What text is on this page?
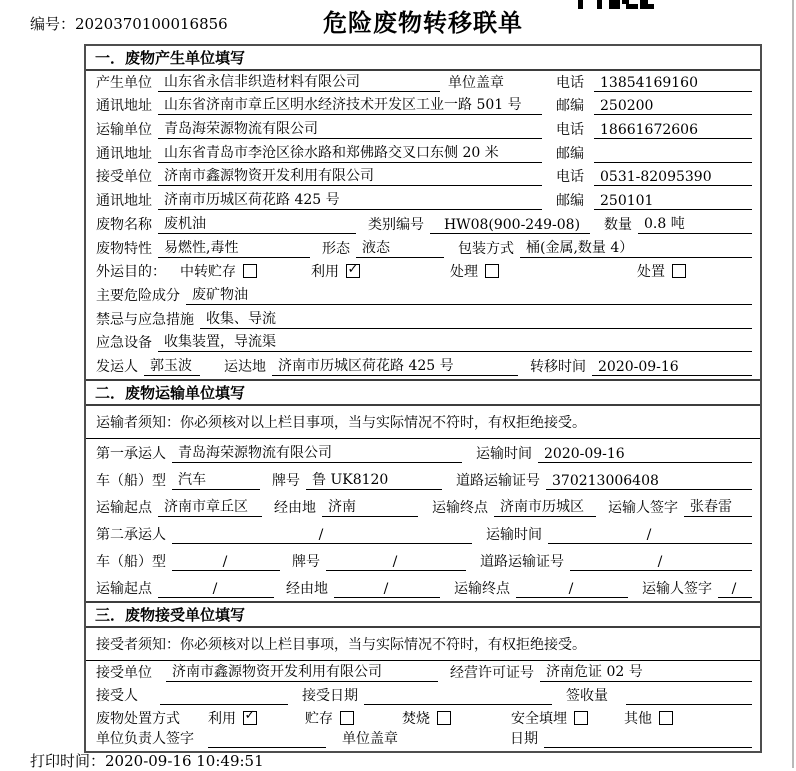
编号：2020370100016856	危险废物转移联单
一．废物产生单位填写
产生单位 山东省永信非织造材料有限公司	单位盖章	电话	13854169160
通讯地址 山东省济南市章丘区明水经济技术开发区工业一路 501 号	邮编	250200
运输单位 青岛海荣源物流有限公司	电话	18661672606
通讯地址 山东省青岛市李沧区徐水路和郑佛路交叉口东侧 20 米	邮编
接受单位 济南市鑫源物资开发利用有限公司	电话	0531-82095390
通讯地址 济南市历城区荷花路 425 号	邮编	250101
废物名称 废机油	类别编号	HW08(900-249-08)	数量 0.8 吨
废物特性 易燃性,毒性	形态 液态	包装方式 桶(金属,数量 4）
外运目的： 中转贮存	利用 ✓	处理	处置
主要危险成分 废矿物油
禁忌与应急措施 收集、导流
应急设备 收集装置，导流渠
发运人 郭玉波	运达地 济南市历城区荷花路 425 号	转移时间 2020-09-16
二．废物运输单位填写
运输者须知：你必须核对以上栏目事项，当与实际情况不符时，有权拒绝接受。
第一承运人 青岛海荣源物流有限公司	运输时间 2020-09-16
车（船）型 汽车	牌号 鲁 UK8120	道路运输证号 370213006408
运输起点 济南市章丘区	经由地 济南	运输终点 济南市历城区	运输人签字 张春雷
第二承运人	/	运输时间	/
车（船）型	/	牌号	/	道路运输证号	/
运输起点	/	经由地	/	运输终点	/	运输人签字	/
三．废物接受单位填写
接受者须知：你必须核对以上栏目事项，当与实际情况不符时，有权拒绝接受。
接受单位	济南市鑫源物资开发利用有限公司	经营许可证号 济南危证 02 号
接受人	接受日期	签收量
废物处置方式 利用 ✓	贮存	焚烧	安全填埋	其他
单位负责人签字	单位盖章	日期
打印时间：2020-09-16 10:49:51
